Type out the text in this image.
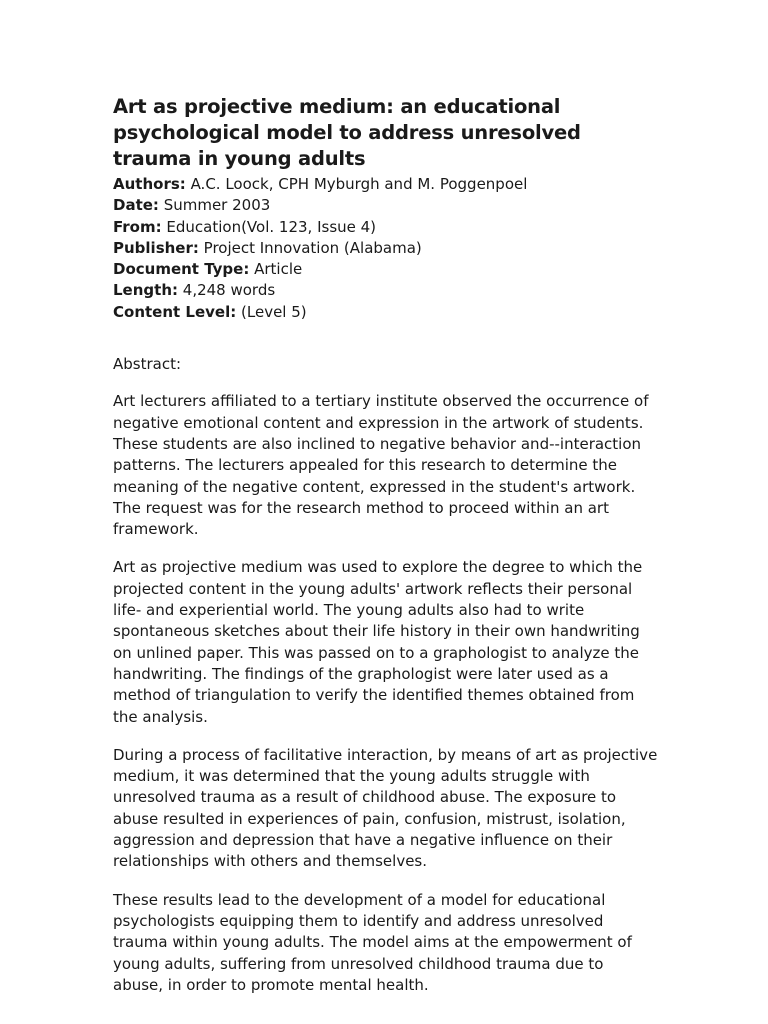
Art as projective medium: an educational psychological model to address unresolved trauma in young adults

Authors: A.C. Loock, CPH Myburgh and M. Poggenpoel

Date: Summer 2003

From: Education(Vol. 123, Issue 4)

Publisher: Project Innovation (Alabama)

Document Type: Article

Length: 4,248 words

Content Level: (Level 5)

Abstract:

Art lecturers affiliated to a tertiary institute observed the occurrence of negative emotional content and expression in the artwork of students. These students are also inclined to negative behavior and--interaction patterns. The lecturers appealed for this research to determine the meaning of the negative content, expressed in the student's artwork. The request was for the research method to proceed within an art framework.

Art as projective medium was used to explore the degree to which the projected content in the young adults' artwork reflects their personal life- and experiential world. The young adults also had to write spontaneous sketches about their life history in their own handwriting on unlined paper. This was passed on to a graphologist to analyze the handwriting. The findings of the graphologist were later used as a method of triangulation to verify the identified themes obtained from the analysis.

During a process of facilitative interaction, by means of art as projective medium, it was determined that the young adults struggle with unresolved trauma as a result of childhood abuse. The exposure to abuse resulted in experiences of pain, confusion, mistrust, isolation, aggression and depression that have a negative influence on their relationships with others and themselves.

These results lead to the development of a model for educational psychologists equipping them to identify and address unresolved trauma within young adults. The model aims at the empowerment of young adults, suffering from unresolved childhood trauma due to abuse, in order to promote mental health.
